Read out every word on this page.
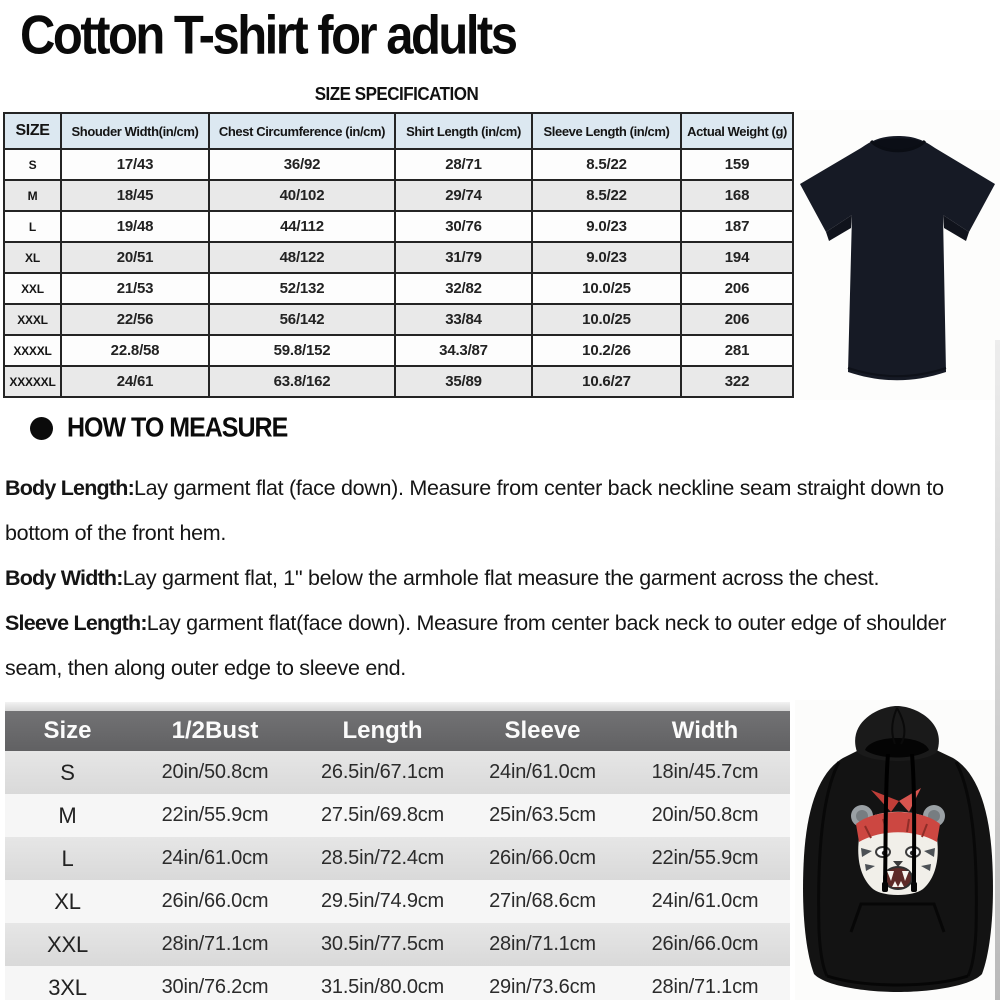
Cotton T-shirt for adults
SIZE SPECIFICATION
SIZE	Shouder Width(in/cm)	Chest Circumference (in/cm)	Shirt Length (in/cm)	Sleeve Length (in/cm)	Actual Weight (g)
S	17/43	36/92	28/71	8.5/22	159
M	18/45	40/102	29/74	8.5/22	168
L	19/48	44/112	30/76	9.0/23	187
XL	20/51	48/122	31/79	9.0/23	194
XXL	21/53	52/132	32/82	10.0/25	206
XXXL	22/56	56/142	33/84	10.0/25	206
XXXXL	22.8/58	59.8/152	34.3/87	10.2/26	281
XXXXXL	24/61	63.8/162	35/89	10.6/27	322
HOW TO MEASURE

Body Length:Lay garment flat (face down). Measure from center back neckline seam straight down to bottom of the front hem.

Body Width:Lay garment flat, 1" below the armhole flat measure the garment across the chest.

Sleeve Length:Lay garment flat(face down). Measure from center back neck to outer edge of shoulder seam, then along outer edge to sleeve end.

Size	1/2Bust	Length	Sleeve	Width
S	20in/50.8cm	26.5in/67.1cm	24in/61.0cm	18in/45.7cm
M	22in/55.9cm	27.5in/69.8cm	25in/63.5cm	20in/50.8cm
L	24in/61.0cm	28.5in/72.4cm	26in/66.0cm	22in/55.9cm
XL	26in/66.0cm	29.5in/74.9cm	27in/68.6cm	24in/61.0cm
XXL	28in/71.1cm	30.5in/77.5cm	28in/71.1cm	26in/66.0cm
3XL	30in/76.2cm	31.5in/80.0cm	29in/73.6cm	28in/71.1cm
